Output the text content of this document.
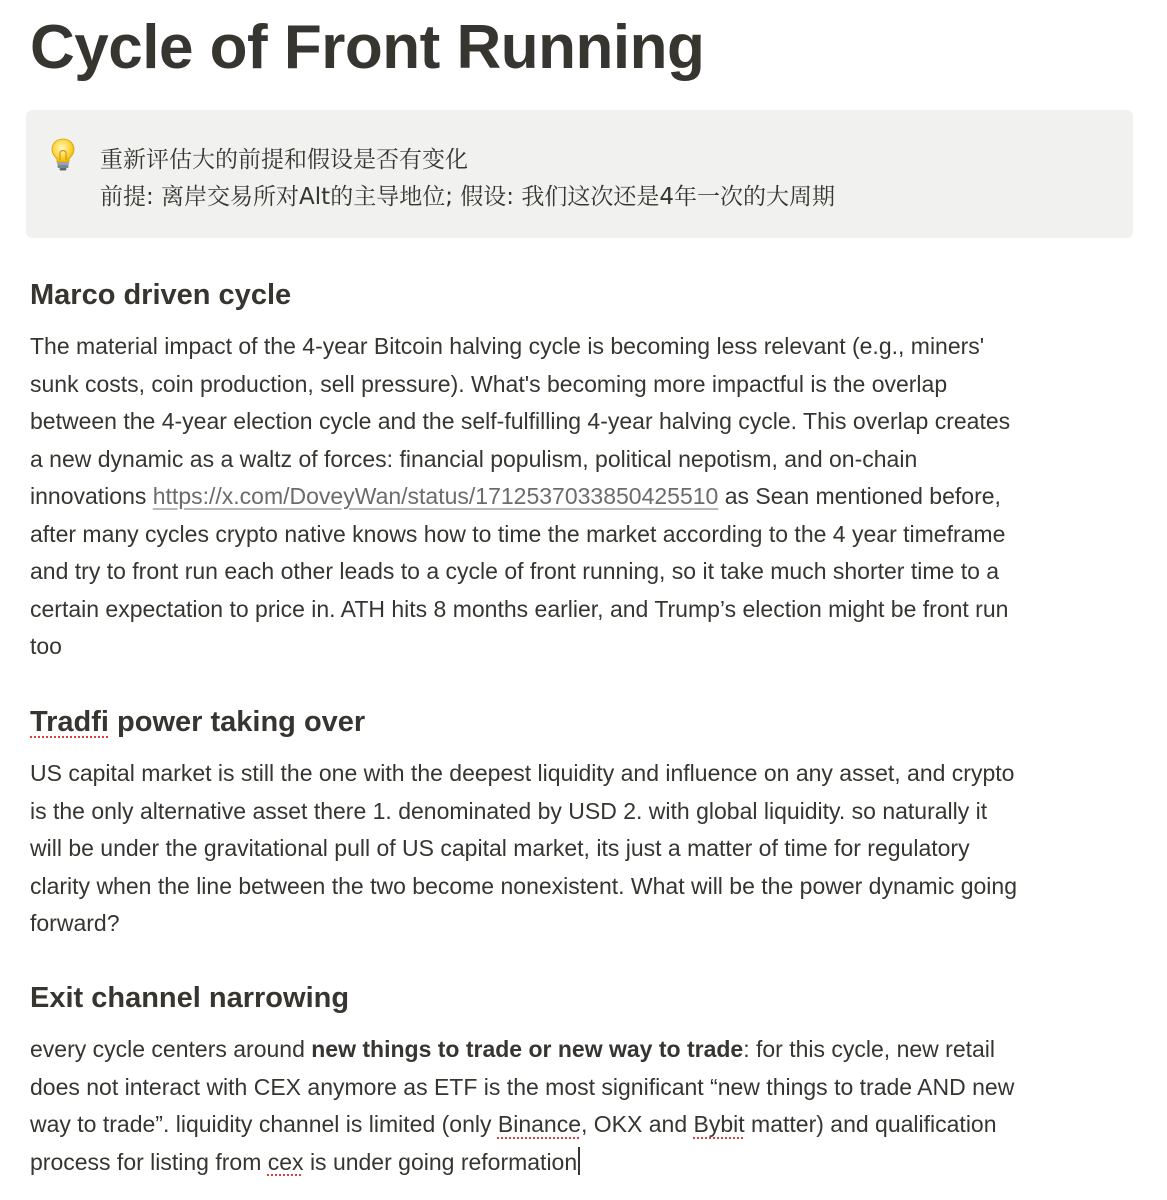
Cycle of Front Running
重新评估大的前提和假设是否有变化
前提: 离岸交易所对Alt的主导地位; 假设: 我们这次还是4年一次的大周期
Marco driven cycle
The material impact of the 4-year Bitcoin halving cycle is becoming less relevant (e.g., miners'
sunk costs, coin production, sell pressure). What's becoming more impactful is the overlap
between the 4-year election cycle and the self-fulfilling 4-year halving cycle. This overlap creates
a new dynamic as a waltz of forces: financial populism, political nepotism, and on-chain
innovations https://x.com/DoveyWan/status/1712537033850425510 as Sean mentioned before,
after many cycles crypto native knows how to time the market according to the 4 year timeframe
and try to front run each other leads to a cycle of front running, so it take much shorter time to a
certain expectation to price in. ATH hits 8 months earlier, and Trump’s election might be front run
too
Tradfi power taking over
US capital market is still the one with the deepest liquidity and influence on any asset, and crypto
is the only alternative asset there 1. denominated by USD 2. with global liquidity. so naturally it
will be under the gravitational pull of US capital market, its just a matter of time for regulatory
clarity when the line between the two become nonexistent. What will be the power dynamic going
forward?
Exit channel narrowing
every cycle centers around new things to trade or new way to trade: for this cycle, new retail
does not interact with CEX anymore as ETF is the most significant “new things to trade AND new
way to trade”. liquidity channel is limited (only Binance, OKX and Bybit matter) and qualification
process for listing from cex is under going reformation
